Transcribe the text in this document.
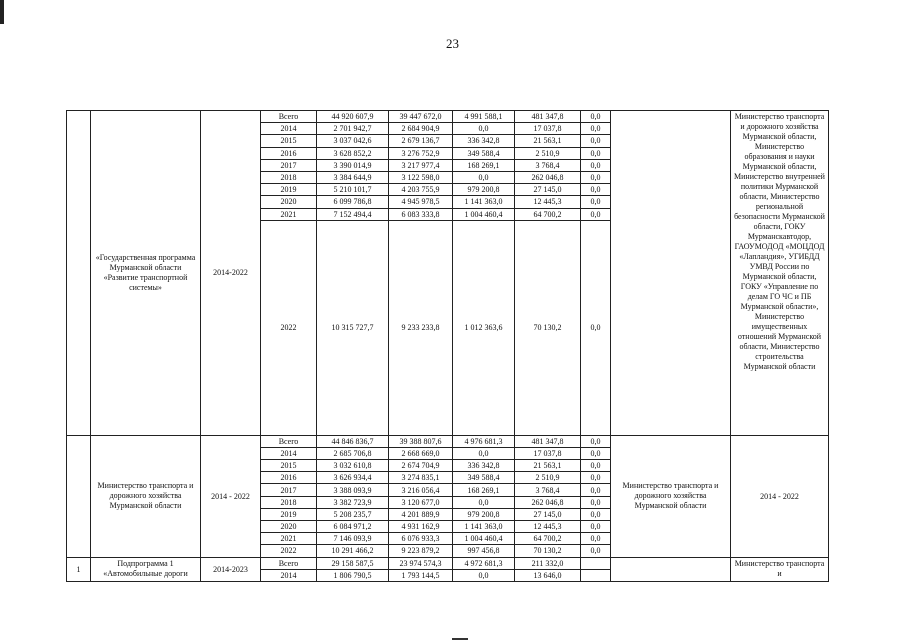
23
	«Государственная программа Мурманской области «Развитие транспортной системы»	2014-2022	Всего	44 920 607,9	39 447 672,0	4 991 588,1	481 347,8	0,0		Министерство транспорта и дорожного хозяйства Мурманской области, Министерство образования и науки Мурманской области, Министерство внутренней политики Мурманской области, Министерство региональной безопасности Мурманской области, ГОКУ Мурманскавтодор, ГАОУМОДОД «МОЦДОД «Лапландия», УГИБДД УМВД России по Мурманской области, ГОКУ «Управление по делам ГО ЧС и ПБ Мурманской области», Министерство имущественных отношений Мурманской области, Министерство строительства Мурманской области
			2014	2 701 942,7	2 684 904,9	0,0	17 037,8	0,0		
			2015	3 037 042,6	2 679 136,7	336 342,8	21 563,1	0,0		
			2016	3 628 852,2	3 276 752,9	349 588,4	2 510,9	0,0		
			2017	3 390 014,9	3 217 977,4	168 269,1	3 768,4	0,0		
			2018	3 384 644,9	3 122 598,0	0,0	262 046,8	0,0		
			2019	5 210 101,7	4 203 755,9	979 200,8	27 145,0	0,0		
			2020	6 099 786,8	4 945 978,5	1 141 363,0	12 445,3	0,0		
			2021	7 152 494,4	6 083 333,8	1 004 460,4	64 700,2	0,0		
			2022	10 315 727,7	9 233 233,8	1 012 363,6	70 130,2	0,0		
	Министерство транспорта и дорожного хозяйства Мурманской области	2014 - 2022	Всего	44 846 836,7	39 388 807,6	4 976 681,3	481 347,8	0,0	Министерство транспорта и дорожного хозяйства Мурманской области	2014 - 2022
			2014	2 685 706,8	2 668 669,0	0,0	17 037,8	0,0		
			2015	3 032 610,8	2 674 704,9	336 342,8	21 563,1	0,0		
			2016	3 626 934,4	3 274 835,1	349 588,4	2 510,9	0,0		
			2017	3 388 093,9	3 216 056,4	168 269,1	3 768,4	0,0		
			2018	3 382 723,9	3 120 677,0	0,0	262 046,8	0,0		
			2019	5 208 235,7	4 201 889,9	979 200,8	27 145,0	0,0		
			2020	6 084 971,2	4 931 162,9	1 141 363,0	12 445,3	0,0		
			2021	7 146 093,9	6 076 933,3	1 004 460,4	64 700,2	0,0		
			2022	10 291 466,2	9 223 879,2	997 456,8	70 130,2	0,0		
1	Подпрограмма 1 «Автомобильные дороги	2014-2023	Всего	29 158 587,5	23 974 574,3	4 972 681,3	211 332,0			Министерство транспорта и
			2014	1 806 790,5	1 793 144,5	0,0	13 646,0			
